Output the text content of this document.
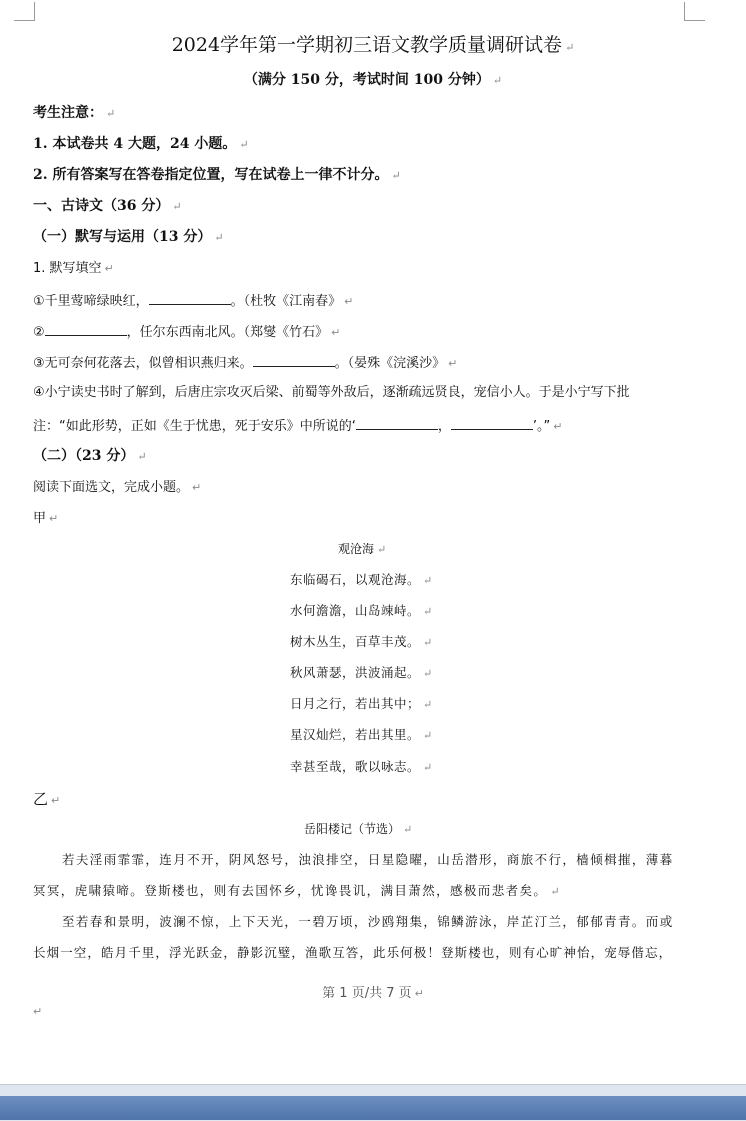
2024学年第一学期初三语文教学质量调研试卷 ↵
（满分 150 分，考试时间 100 分钟） ↵
考生注意： ↵
1. 本试卷共 4 大题，24 小题。 ↵
2. 所有答案写在答卷指定位置，写在试卷上一律不计分。 ↵
一、古诗文（36 分） ↵
（一）默写与运用（13 分） ↵
1. 默写填空 ↵
①千里莺啼绿映红，	。（杜牧《江南春》 ↵
②	，任尔东西南北风。（郑燮《竹石》 ↵
③无可奈何花落去，似曾相识燕归来。	。（晏殊《浣溪沙》 ↵
④小宁读史书时了解到，后唐庄宗攻灭后梁、前蜀等外敌后，逐渐疏远贤良，宠信小人。于是小宁写下批
注：“如此形势，正如《生于忧患，死于安乐》中所说的‘	，	’。” ↵
（二）（23 分） ↵
阅读下面选文，完成小题。 ↵
甲 ↵
观沧海 ↵
东临碣石，以观沧海。 ↵
水何澹澹，山岛竦峙。 ↵
树木丛生，百草丰茂。 ↵
秋风萧瑟，洪波涌起。 ↵
日月之行，若出其中； ↵
星汉灿烂，若出其里。 ↵
幸甚至哉，歌以咏志。 ↵
乙 ↵
岳阳楼记（节选） ↵
若夫淫雨霏霏，连月不开，阴风怒号，浊浪排空，日星隐曜，山岳潜形，商旅不行，樯倾楫摧，薄暮
冥冥，虎啸猿啼。登斯楼也，则有去国怀乡，忧谗畏讥，满目萧然，感极而悲者矣。 ↵
至若春和景明，波澜不惊，上下天光，一碧万顷，沙鸥翔集，锦鳞游泳，岸芷汀兰，郁郁青青。而或
长烟一空，皓月千里，浮光跃金，静影沉璧，渔歌互答，此乐何极！登斯楼也，则有心旷神怡，宠辱偕忘，
第 1 页/共 7 页 ↵
↵
